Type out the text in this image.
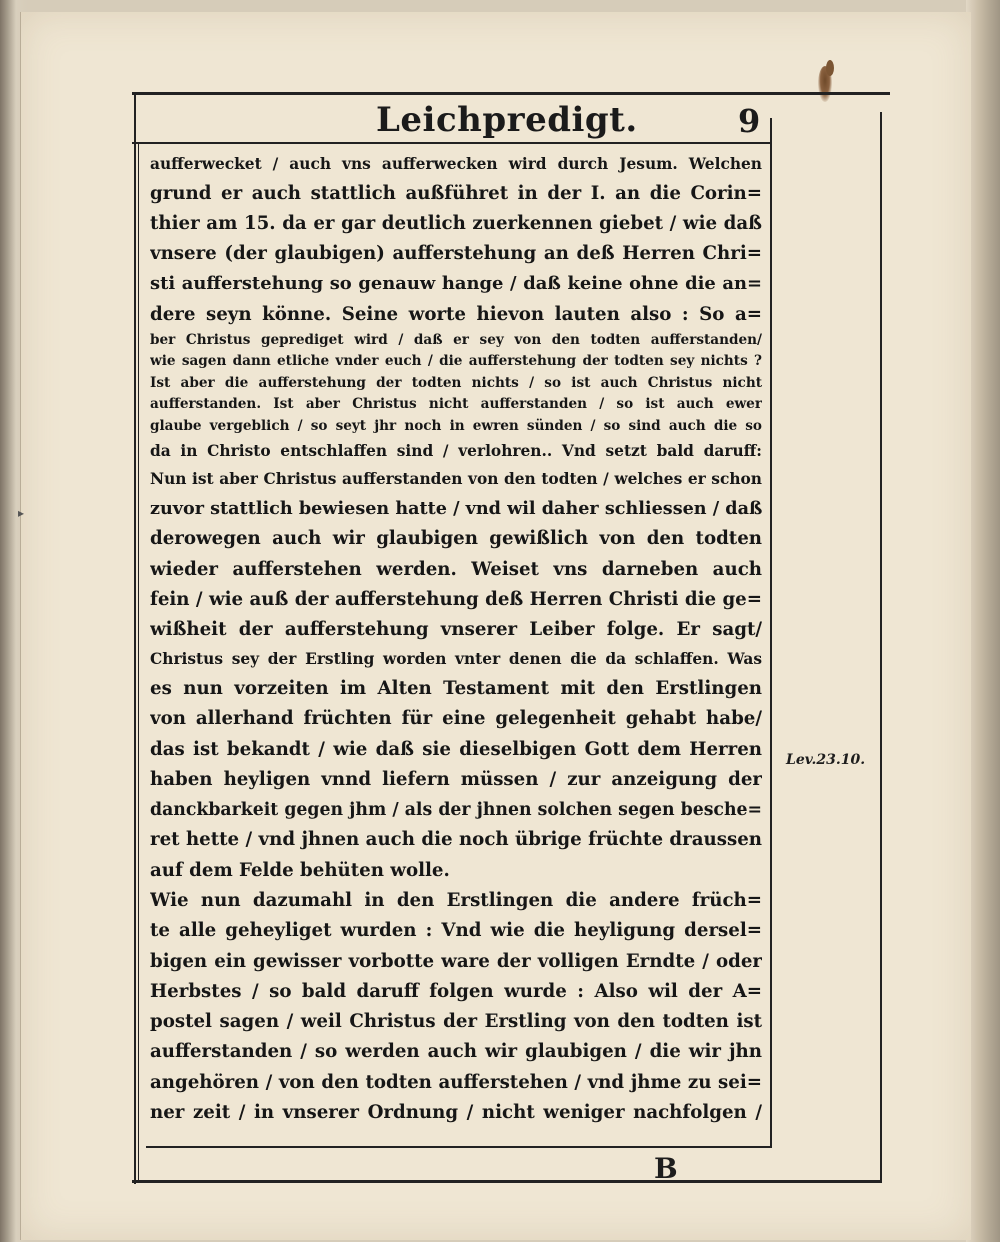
Leichpredigt.	9
aufferwecket / auch vns aufferwecken wird durch Jesum. Welchen
grund er auch stattlich außführet in der I. an die Corin=
thier am 15. da er gar deutlich zuerkennen giebet / wie daß
vnsere (der glaubigen) aufferstehung an deß Herren Chri=
sti aufferstehung so genauw hange / daß keine ohne die an=
dere seyn könne. Seine worte hievon lauten also : So a=
ber Christus geprediget wird / daß er sey von den todten aufferstanden/
wie sagen dann etliche vnder euch / die aufferstehung der todten sey nichts ?
Ist aber die aufferstehung der todten nichts / so ist auch Christus nicht
aufferstanden. Ist aber Christus nicht aufferstanden / so ist auch ewer
glaube vergeblich / so seyt jhr noch in ewren sünden / so sind auch die so
da in Christo entschlaffen sind / verlohren.. Vnd setzt bald daruff:
Nun ist aber Christus aufferstanden von den todten / welches er schon
zuvor stattlich bewiesen hatte / vnd wil daher schliessen / daß
derowegen auch wir glaubigen gewißlich von den todten
wieder aufferstehen werden. Weiset vns darneben auch
fein / wie auß der aufferstehung deß Herren Christi die ge=
wißheit der aufferstehung vnserer Leiber folge. Er sagt/
Christus sey der Erstling worden vnter denen die da schlaffen. Was
es nun vorzeiten im Alten Testament mit den Erstlingen
von allerhand früchten für eine gelegenheit gehabt habe/
das ist bekandt / wie daß sie dieselbigen Gott dem Herren
haben heyligen vnnd liefern müssen / zur anzeigung der
danckbarkeit gegen jhm / als der jhnen solchen segen besche=
ret hette / vnd jhnen auch die noch übrige früchte draussen
auf dem Felde behüten wolle.
Wie nun dazumahl in den Erstlingen die andere früch=
te alle geheyliget wurden : Vnd wie die heyligung dersel=
bigen ein gewisser vorbotte ware der volligen Erndte / oder
Herbstes / so bald daruff folgen wurde : Also wil der A=
postel sagen / weil Christus der Erstling von den todten ist
aufferstanden / so werden auch wir glaubigen / die wir jhn
angehören / von den todten aufferstehen / vnd jhme zu sei=
ner zeit / in vnserer Ordnung / nicht weniger nachfolgen /
Lev.23.10.
B
▸
